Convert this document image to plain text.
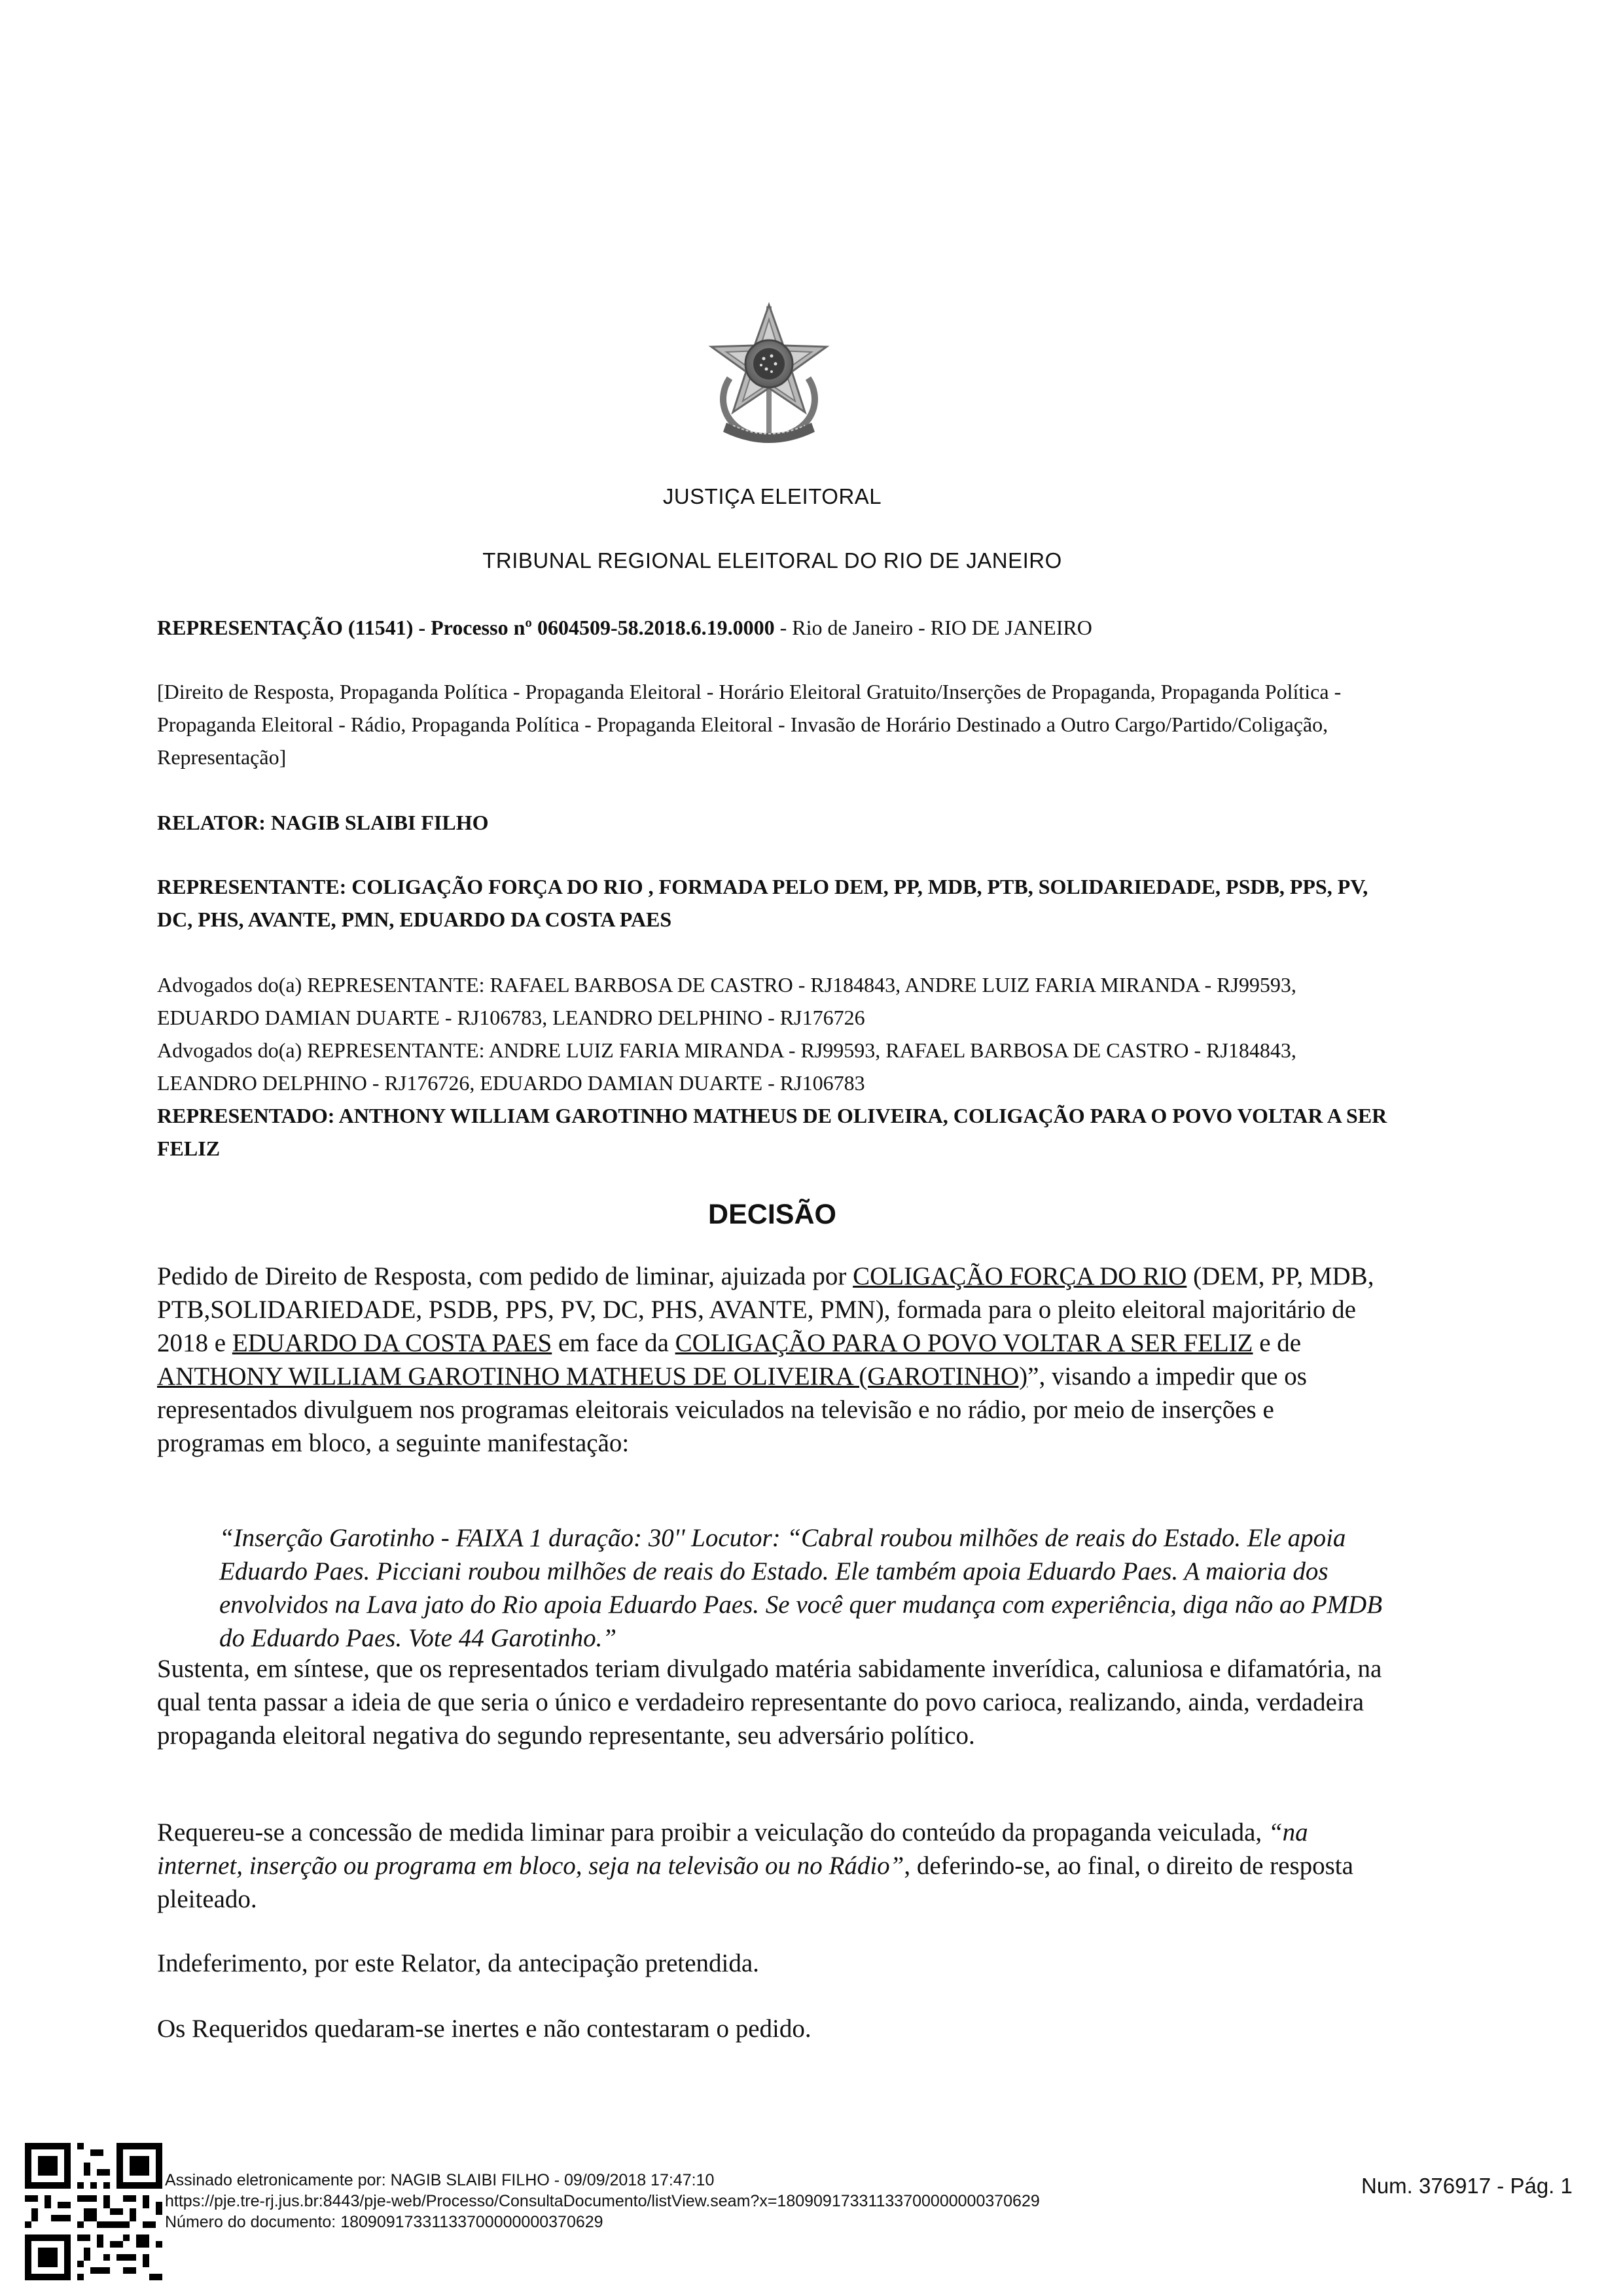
JUSTIÇA ELEITORAL
TRIBUNAL REGIONAL ELEITORAL DO RIO DE JANEIRO
REPRESENTAÇÃO (11541) - Processo nº 0604509-58.2018.6.19.0000 - Rio de Janeiro - RIO DE JANEIRO
[Direito de Resposta, Propaganda Política - Propaganda Eleitoral - Horário Eleitoral Gratuito/Inserções de Propaganda, Propaganda Política - Propaganda Eleitoral - Rádio, Propaganda Política - Propaganda Eleitoral - Invasão de Horário Destinado a Outro Cargo/Partido/Coligação, Representação]
RELATOR: NAGIB SLAIBI FILHO
REPRESENTANTE: COLIGAÇÃO FORÇA DO RIO , FORMADA PELO DEM, PP, MDB, PTB, SOLIDARIEDADE, PSDB, PPS, PV, DC, PHS, AVANTE, PMN, EDUARDO DA COSTA PAES
Advogados do(a) REPRESENTANTE: RAFAEL BARBOSA DE CASTRO - RJ184843, ANDRE LUIZ FARIA MIRANDA - RJ99593, EDUARDO DAMIAN DUARTE - RJ106783, LEANDRO DELPHINO - RJ176726
Advogados do(a) REPRESENTANTE: ANDRE LUIZ FARIA MIRANDA - RJ99593, RAFAEL BARBOSA DE CASTRO - RJ184843, LEANDRO DELPHINO - RJ176726, EDUARDO DAMIAN DUARTE - RJ106783
REPRESENTADO: ANTHONY WILLIAM GAROTINHO MATHEUS DE OLIVEIRA, COLIGAÇÃO PARA O POVO VOLTAR A SER FELIZ
DECISÃO
Pedido de Direito de Resposta, com pedido de liminar, ajuizada por COLIGAÇÃO FORÇA DO RIO (DEM, PP, MDB, PTB,SOLIDARIEDADE, PSDB, PPS, PV, DC, PHS, AVANTE, PMN), formada para o pleito eleitoral majoritário de 2018 e EDUARDO DA COSTA PAES em face da COLIGAÇÃO PARA O POVO VOLTAR A SER FELIZ e de ANTHONY WILLIAM GAROTINHO MATHEUS DE OLIVEIRA (GAROTINHO)”, visando a impedir que os representados divulguem nos programas eleitorais veiculados na televisão e no rádio, por meio de inserções e programas em bloco, a seguinte manifestação:
“Inserção Garotinho - FAIXA 1 duração: 30'' Locutor: “Cabral roubou milhões de reais do Estado. Ele apoia Eduardo Paes. Picciani roubou milhões de reais do Estado. Ele também apoia Eduardo Paes. A maioria dos envolvidos na Lava jato do Rio apoia Eduardo Paes. Se você quer mudança com experiência, diga não ao PMDB do Eduardo Paes. Vote 44 Garotinho.”
Sustenta, em síntese, que os representados teriam divulgado matéria sabidamente inverídica, caluniosa e difamatória, na qual tenta passar a ideia de que seria o único e verdadeiro representante do povo carioca, realizando, ainda, verdadeira propaganda eleitoral negativa do segundo representante, seu adversário político.
Requereu-se a concessão de medida liminar para proibir a veiculação do conteúdo da propaganda veiculada, “na internet, inserção ou programa em bloco, seja na televisão ou no Rádio”, deferindo-se, ao final, o direito de resposta pleiteado.
Indeferimento, por este Relator, da antecipação pretendida.
Os Requeridos quedaram-se inertes e não contestaram o pedido.
Assinado eletronicamente por: NAGIB SLAIBI FILHO - 09/09/2018 17:47:10
https://pje.tre-rj.jus.br:8443/pje-web/Processo/ConsultaDocumento/listView.seam?x=18090917331133700000000370629
Número do documento: 18090917331133700000000370629
Num. 376917 - Pág. 1
